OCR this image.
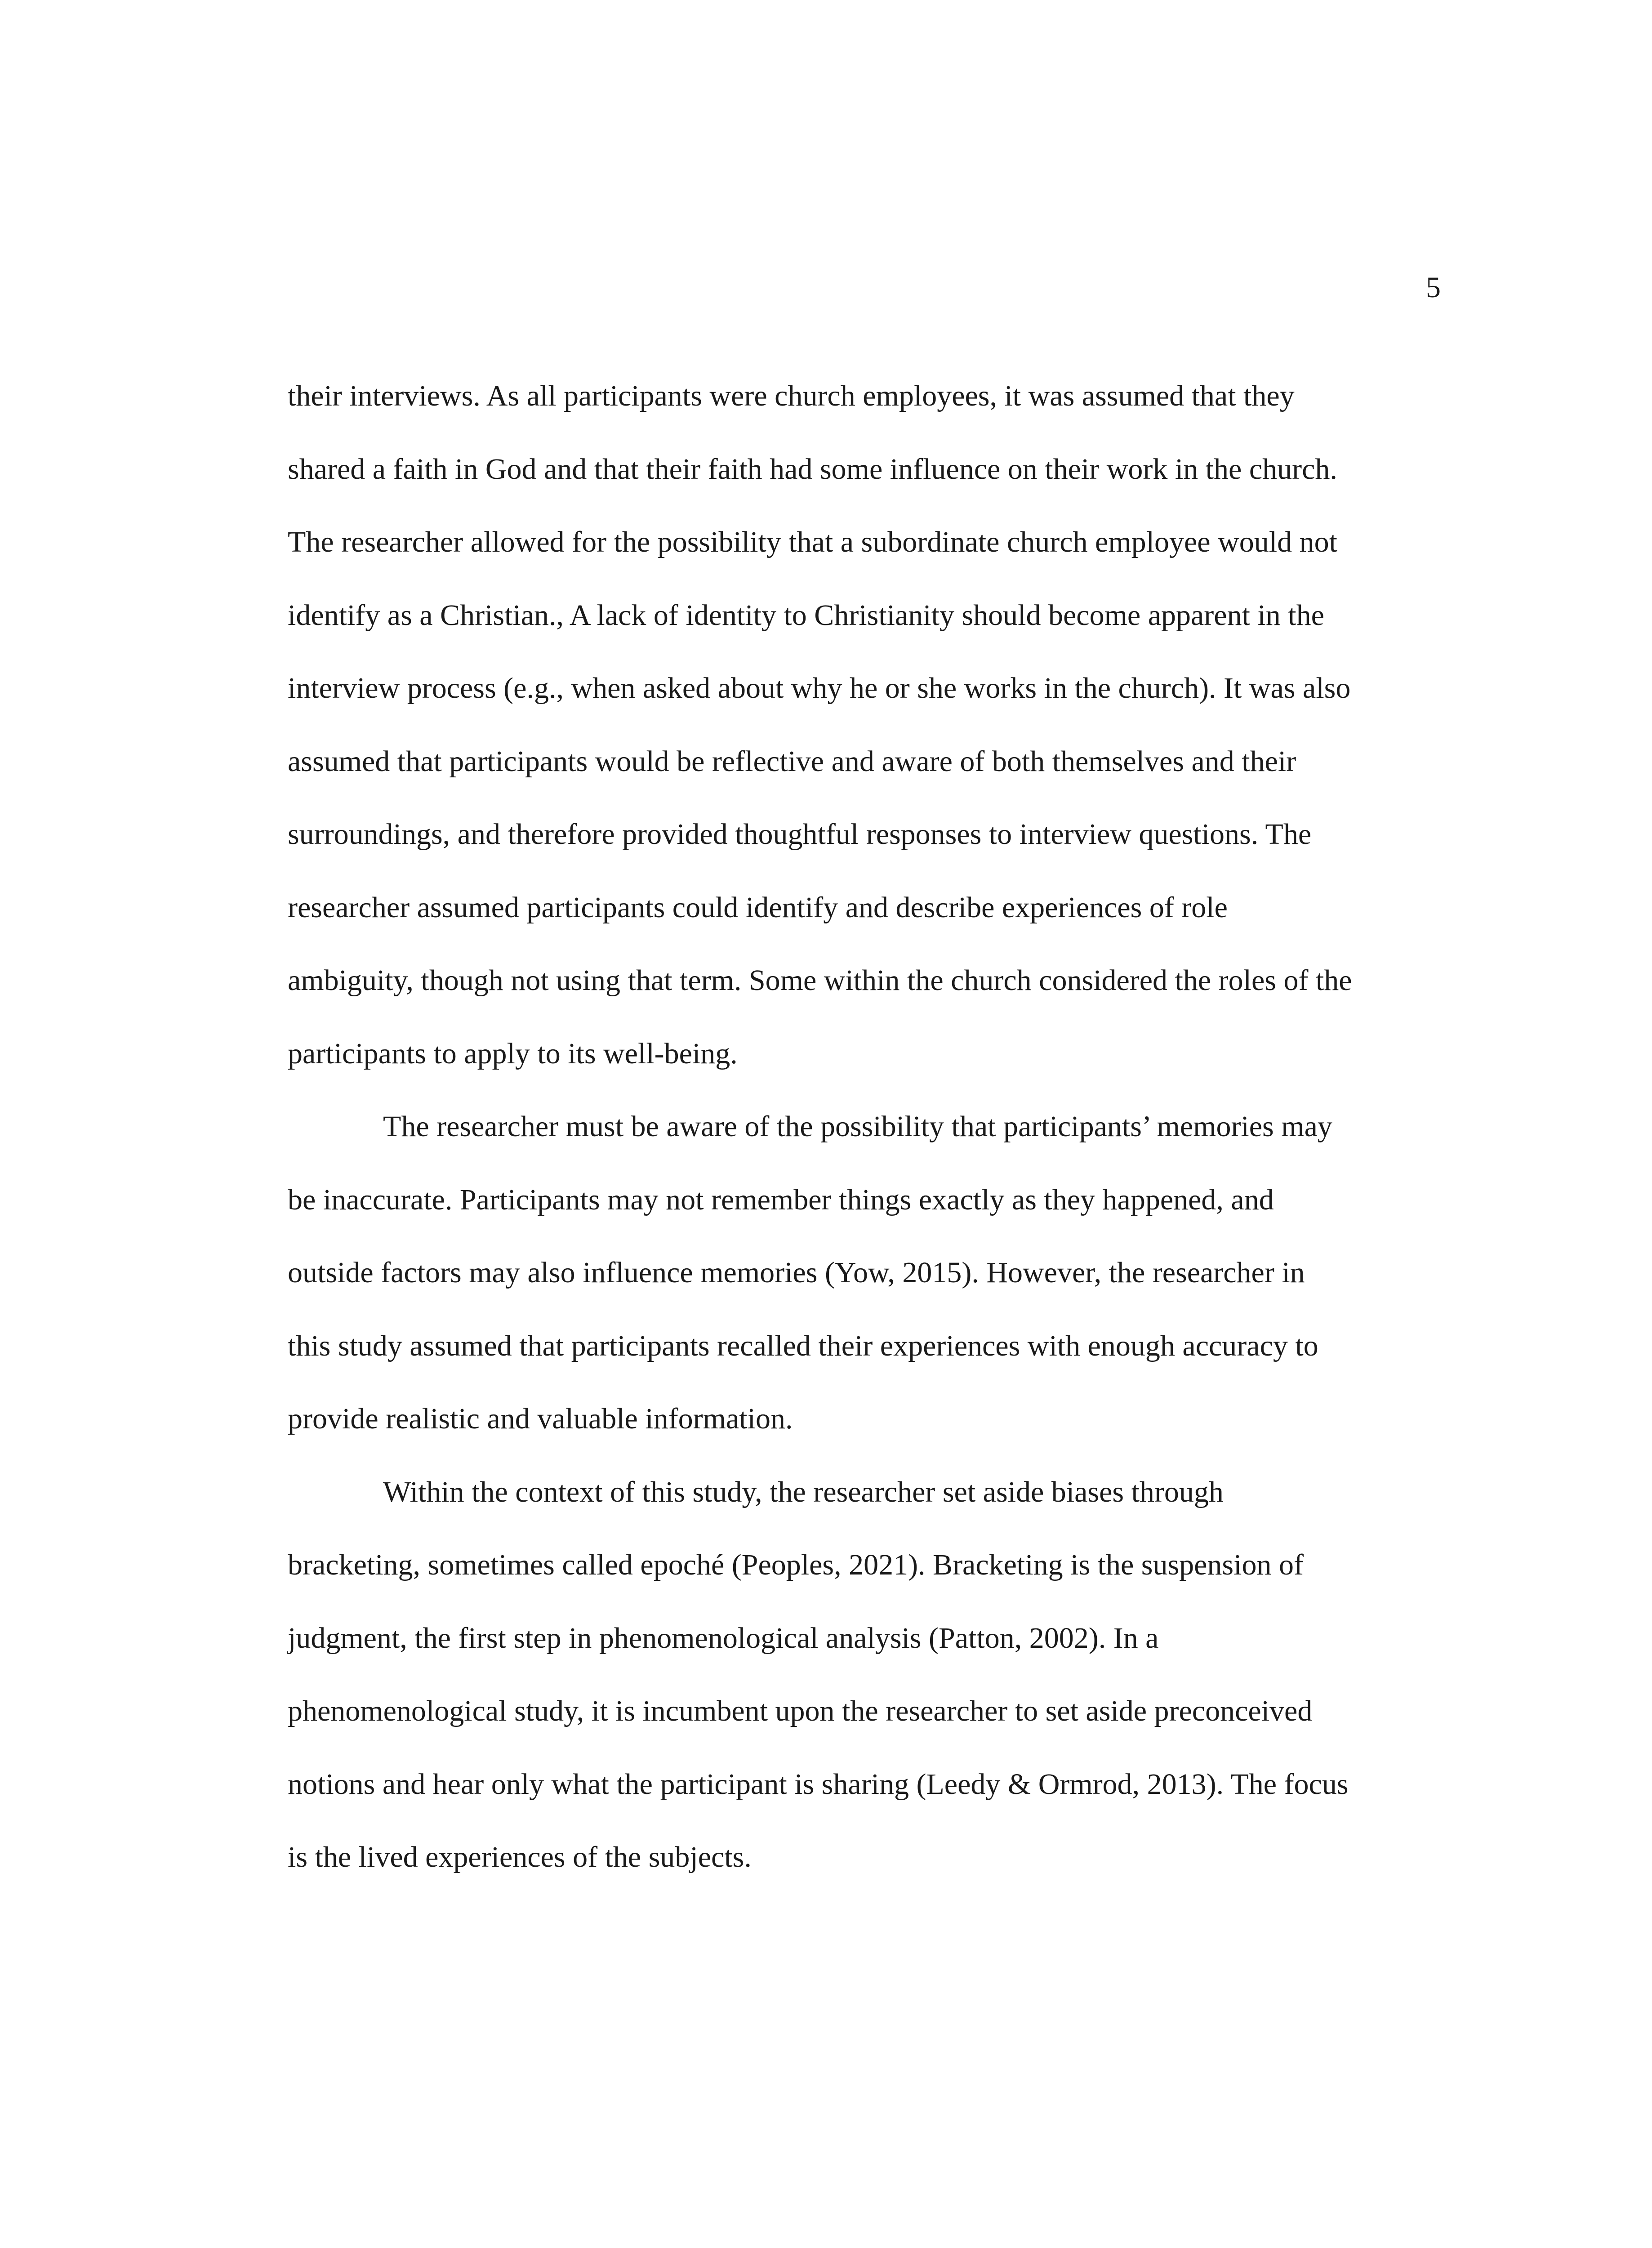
5
their interviews. As all participants were church employees, it was assumed that they
shared a faith in God and that their faith had some influence on their work in the church.
The researcher allowed for the possibility that a subordinate church employee would not
identify as a Christian., A lack of identity to Christianity should become apparent in the
interview process (e.g., when asked about why he or she works in the church). It was also
assumed that participants would be reflective and aware of both themselves and their
surroundings, and therefore provided thoughtful responses to interview questions. The
researcher assumed participants could identify and describe experiences of role
ambiguity, though not using that term. Some within the church considered the roles of the
participants to apply to its well-being.
The researcher must be aware of the possibility that participants’ memories may
be inaccurate. Participants may not remember things exactly as they happened, and
outside factors may also influence memories (Yow, 2015). However, the researcher in
this study assumed that participants recalled their experiences with enough accuracy to
provide realistic and valuable information.
Within the context of this study, the researcher set aside biases through
bracketing, sometimes called epoché (Peoples, 2021). Bracketing is the suspension of
judgment, the first step in phenomenological analysis (Patton, 2002). In a
phenomenological study, it is incumbent upon the researcher to set aside preconceived
notions and hear only what the participant is sharing (Leedy & Ormrod, 2013). The focus
is the lived experiences of the subjects.
